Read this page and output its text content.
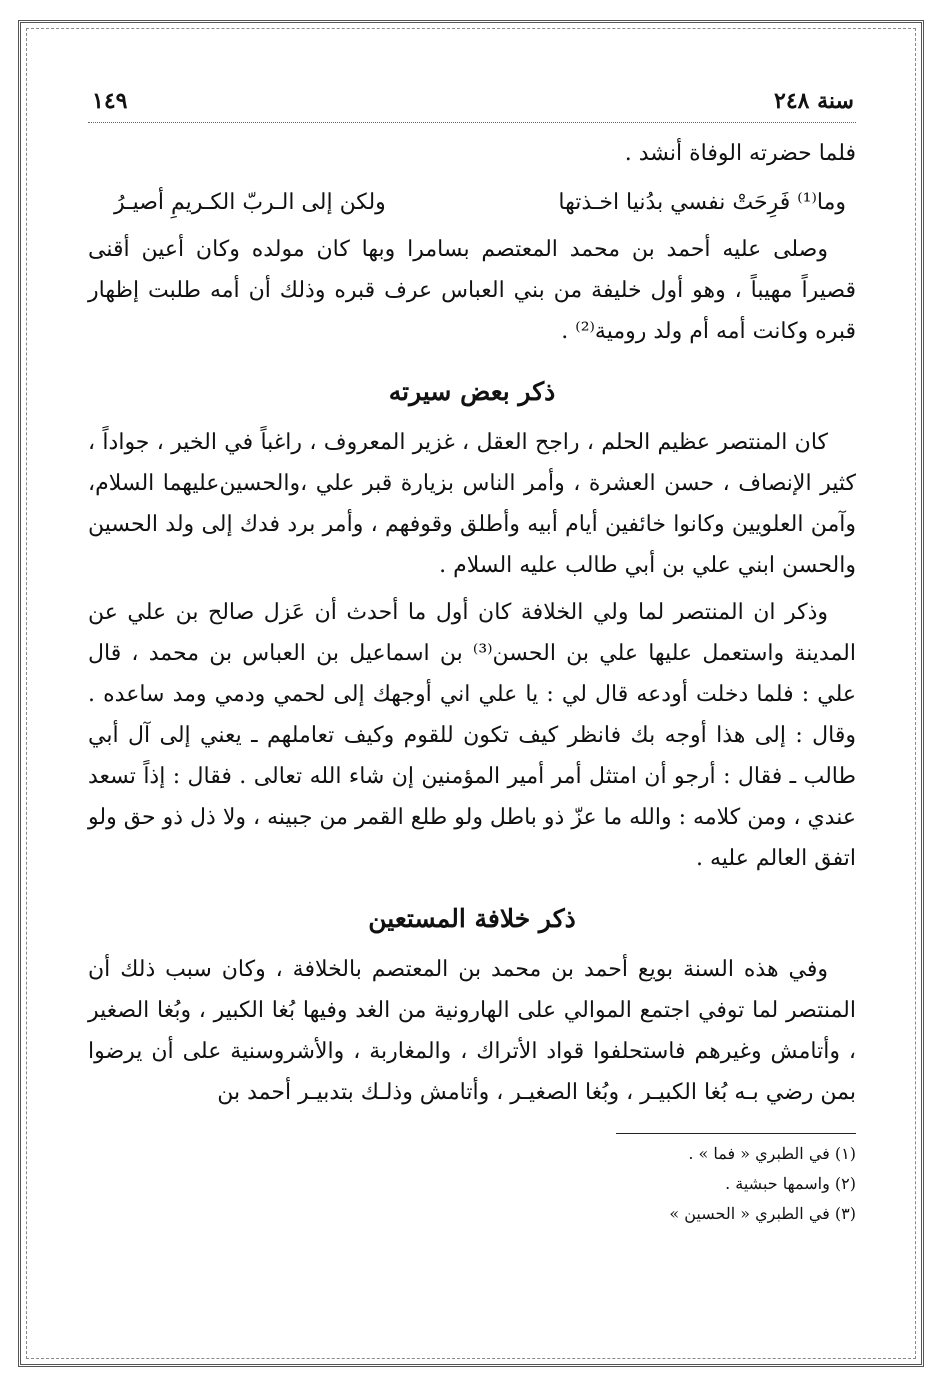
سنة ٢٤٨
١٤٩

فلما حضرته الوفاة أنشد .

وما⁽¹⁾ فَرِحَتْ نفسي بدُنيا اخـذتها
ولكن إلى الـربّ الكـريمِ أصيـرُ

وصلى عليه أحمد بن محمد المعتصم بسامرا وبها كان مولده وكان أعين أقنى قصيراً مهيباً ، وهو أول خليفة من بني العباس عرف قبره وذلك أن أمه طلبت إظهار قبره وكانت أمه أم ولد رومية⁽²⁾ .

ذكر بعض سيرته

كان المنتصر عظيم الحلم ، راجح العقل ، غزير المعروف ، راغباً في الخير ، جواداً ، كثير الإنصاف ، حسن العشرة ، وأمر الناس بزيارة قبر علي ،والحسين‌عليهما السلام، وآمن العلويين وكانوا خائفين أيام أبيه وأطلق وقوفهم ، وأمر برد فدك إلى ولد الحسين والحسن ابني علي بن أبي طالب عليه السلام .

وذكر ان المنتصر لما ولي الخلافة كان أول ما أحدث أن عَزل صالح بن علي عن المدينة واستعمل عليها علي بن الحسن⁽³⁾ بن اسماعيل بن العباس بن محمد ، قال علي : فلما دخلت أودعه قال لي : يا علي اني أوجهك إلى لحمي ودمي ومد ساعده . وقال : إلى هذا أوجه بك فانظر كيف تكون للقوم وكيف تعاملهم ـ يعني إلى آل أبي طالب ـ فقال : أرجو أن امتثل أمر أمير المؤمنين إن شاء الله تعالى . فقال : إذاً تسعد عندي ، ومن كلامه : والله ما عزّ ذو باطل ولو طلع القمر من جبينه ، ولا ذل ذو حق ولو اتفق العالم عليه .

ذكر خلافة المستعين

وفي هذه السنة بويع أحمد بن محمد بن المعتصم بالخلافة ، وكان سبب ذلك أن المنتصر لما توفي اجتمع الموالي على الهارونية من الغد وفيها بُغا الكبير ، وبُغا الصغير ، وأتامش وغيرهم فاستحلفوا قواد الأتراك ، والمغاربة ، والأشروسنية على أن يرضوا بمن رضي بـه بُغا الكبيـر ، وبُغا الصغيـر ، وأتامش وذلـك بتدبيـر أحمد بن

(١) في الطبري « فما » .
(٢) واسمها حبشية .
(٣) في الطبري « الحسين »
